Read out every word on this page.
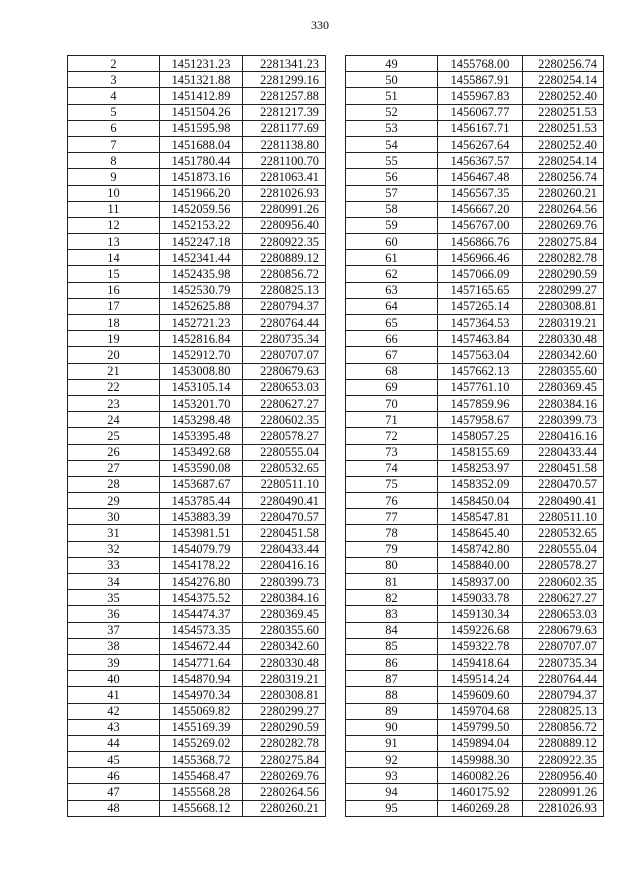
330
2	1451231.23	2281341.23
3	1451321.88	2281299.16
4	1451412.89	2281257.88
5	1451504.26	2281217.39
6	1451595.98	2281177.69
7	1451688.04	2281138.80
8	1451780.44	2281100.70
9	1451873.16	2281063.41
10	1451966.20	2281026.93
11	1452059.56	2280991.26
12	1452153.22	2280956.40
13	1452247.18	2280922.35
14	1452341.44	2280889.12
15	1452435.98	2280856.72
16	1452530.79	2280825.13
17	1452625.88	2280794.37
18	1452721.23	2280764.44
19	1452816.84	2280735.34
20	1452912.70	2280707.07
21	1453008.80	2280679.63
22	1453105.14	2280653.03
23	1453201.70	2280627.27
24	1453298.48	2280602.35
25	1453395.48	2280578.27
26	1453492.68	2280555.04
27	1453590.08	2280532.65
28	1453687.67	2280511.10
29	1453785.44	2280490.41
30	1453883.39	2280470.57
31	1453981.51	2280451.58
32	1454079.79	2280433.44
33	1454178.22	2280416.16
34	1454276.80	2280399.73
35	1454375.52	2280384.16
36	1454474.37	2280369.45
37	1454573.35	2280355.60
38	1454672.44	2280342.60
39	1454771.64	2280330.48
40	1454870.94	2280319.21
41	1454970.34	2280308.81
42	1455069.82	2280299.27
43	1455169.39	2280290.59
44	1455269.02	2280282.78
45	1455368.72	2280275.84
46	1455468.47	2280269.76
47	1455568.28	2280264.56
48	1455668.12	2280260.21
49	1455768.00	2280256.74
50	1455867.91	2280254.14
51	1455967.83	2280252.40
52	1456067.77	2280251.53
53	1456167.71	2280251.53
54	1456267.64	2280252.40
55	1456367.57	2280254.14
56	1456467.48	2280256.74
57	1456567.35	2280260.21
58	1456667.20	2280264.56
59	1456767.00	2280269.76
60	1456866.76	2280275.84
61	1456966.46	2280282.78
62	1457066.09	2280290.59
63	1457165.65	2280299.27
64	1457265.14	2280308.81
65	1457364.53	2280319.21
66	1457463.84	2280330.48
67	1457563.04	2280342.60
68	1457662.13	2280355.60
69	1457761.10	2280369.45
70	1457859.96	2280384.16
71	1457958.67	2280399.73
72	1458057.25	2280416.16
73	1458155.69	2280433.44
74	1458253.97	2280451.58
75	1458352.09	2280470.57
76	1458450.04	2280490.41
77	1458547.81	2280511.10
78	1458645.40	2280532.65
79	1458742.80	2280555.04
80	1458840.00	2280578.27
81	1458937.00	2280602.35
82	1459033.78	2280627.27
83	1459130.34	2280653.03
84	1459226.68	2280679.63
85	1459322.78	2280707.07
86	1459418.64	2280735.34
87	1459514.24	2280764.44
88	1459609.60	2280794.37
89	1459704.68	2280825.13
90	1459799.50	2280856.72
91	1459894.04	2280889.12
92	1459988.30	2280922.35
93	1460082.26	2280956.40
94	1460175.92	2280991.26
95	1460269.28	2281026.93
